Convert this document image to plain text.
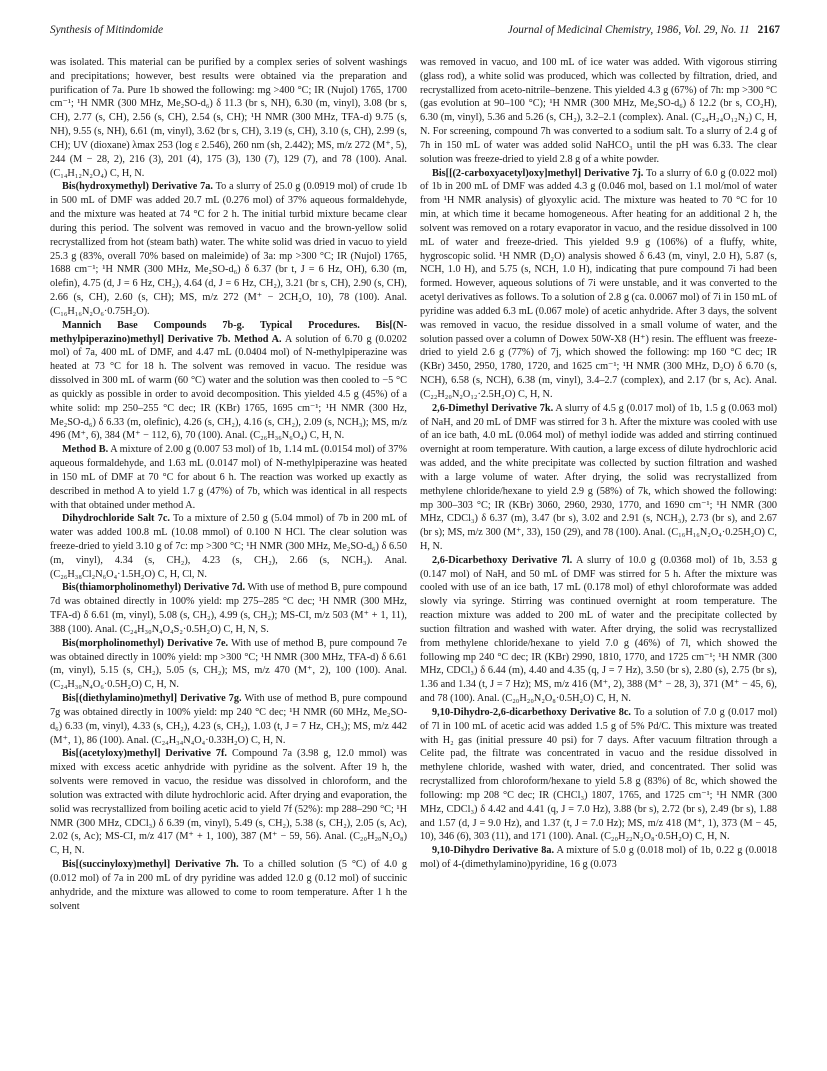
Synthesis of Mitindomide	Journal of Medicinal Chemistry, 1986, Vol. 29, No. 11 2167

was isolated. This material can be purified by a complex series of solvent washings and precipitations; however, best results were obtained via the preparation and purification of 7a. Pure 1b showed the following: mg >400 °C; IR (Nujol) 1765, 1700 cm⁻¹; ¹H NMR (300 MHz, Me₂SO-d₆) δ 11.3 (br s, NH), 6.30 (m, vinyl), 3.08 (br s, CH), 2.77 (s, CH), 2.56 (s, CH), 2.54 (s, CH); ¹H NMR (300 MHz, TFA-d) 9.75 (s, NH), 9.55 (s, NH), 6.61 (m, vinyl), 3.62 (br s, CH), 3.19 (s, CH), 3.10 (s, CH), 2.99 (s, CH); UV (dioxane) λmax 253 (log ε 2.546), 260 nm (sh, 2.442); MS, m/z 272 (M⁺, 5), 244 (M − 28, 2), 216 (3), 201 (4), 175 (3), 130 (7), 129 (7), and 78 (100). Anal. (C₁₄H₁₂N₂O₄) C, H, N.

Bis(hydroxymethyl) Derivative 7a. To a slurry of 25.0 g (0.0919 mol) of crude 1b in 500 mL of DMF was added 20.7 mL (0.276 mol) of 37% aqueous formaldehyde, and the mixture was heated at 74 °C for 2 h. The initial turbid mixture became clear during this period. The solvent was removed in vacuo and the brown-yellow solid recrystallized from hot (steam bath) water. The white solid was dried in vacuo to yield 25.3 g (83%, overall 70% based on maleimide) of 3a: mp >300 °C; IR (Nujol) 1765, 1688 cm⁻¹; ¹H NMR (300 MHz, Me₂SO-d₆) δ 6.37 (br t, J = 6 Hz, OH), 6.30 (m, olefin), 4.75 (d, J = 6 Hz, CH₂), 4.64 (d, J = 6 Hz, CH₂), 3.21 (br s, CH), 2.90 (s, CH), 2.66 (s, CH), 2.60 (s, CH); MS, m/z 272 (M⁺ − 2CH₂O, 10), 78 (100). Anal. (C₁₆H₁₆N₂O₆·0.75H₂O).

Mannich Base Compounds 7b-g. Typical Procedures. Bis[(N-methylpiperazino)methyl] Derivative 7b. Method A. A solution of 6.70 g (0.0202 mol) of 7a, 400 mL of DMF, and 4.47 mL (0.0404 mol) of N-methylpiperazine was heated at 73 °C for 18 h. The solvent was removed in vacuo. The residue was dissolved in 300 mL of warm (60 °C) water and the solution was then cooled to −5 °C as quickly as possible in order to avoid decomposition. This yielded 4.5 g (45%) of a white solid: mp 250–255 °C dec; IR (KBr) 1765, 1695 cm⁻¹; ¹H NMR (300 Hz, Me₂SO-d₆) δ 6.33 (m, olefinic), 4.26 (s, CH₂), 4.16 (s, CH₂), 2.09 (s, NCH₃); MS, m/z 496 (M⁺, 6), 384 (M⁺ − 112, 6), 70 (100). Anal. (C₂₆H₃₆N₆O₄) C, H, N.

Method B. A mixture of 2.00 g (0.007 53 mol) of 1b, 1.14 mL (0.0154 mol) of 37% aqueous formaldehyde, and 1.63 mL (0.0147 mol) of N-methylpiperazine was heated in 150 mL of DMF at 70 °C for about 6 h. The reaction was worked up exactly as described in method A to yield 1.7 g (47%) of 7b, which was identical in all respects with that obtained under method A.

Dihydrochloride Salt 7c. To a mixture of 2.50 g (5.04 mmol) of 7b in 200 mL of water was added 100.8 mL (10.08 mmol) of 0.100 N HCl. The clear solution was freeze-dried to yield 3.10 g of 7c: mp >300 °C; ¹H NMR (300 MHz, Me₂SO-d₆) δ 6.50 (m, vinyl), 4.34 (s, CH₂), 4.23 (s, CH₂), 2.66 (s, NCH₃). Anal. (C₂₆H₃₈Cl₂N₆O₄·1.5H₂O) C, H, Cl, N.

Bis(thiamorpholinomethyl) Derivative 7d. With use of method B, pure compound 7d was obtained directly in 100% yield: mp 275–285 °C dec; ¹H NMR (300 MHz, TFA-d) δ 6.61 (m, vinyl), 5.08 (s, CH₂), 4.99 (s, CH₂); MS-CI, m/z 503 (M⁺ + 1, 11), 388 (100). Anal. (C₂₄H₃₀N₄O₄S₂·0.5H₂O) C, H, N, S.

Bis(morpholinomethyl) Derivative 7e. With use of method B, pure compound 7e was obtained directly in 100% yield: mp >300 °C; ¹H NMR (300 MHz, TFA-d) δ 6.61 (m, vinyl), 5.15 (s, CH₂), 5.05 (s, CH₂); MS, m/z 470 (M⁺, 2), 100 (100). Anal. (C₂₄H₃₀N₄O₆·0.5H₂O) C, H, N.

Bis[(diethylamino)methyl] Derivative 7g. With use of method B, pure compound 7g was obtained directly in 100% yield: mp 240 °C dec; ¹H NMR (60 MHz, Me₂SO-d₆) 6.33 (m, vinyl), 4.33 (s, CH₂), 4.23 (s, CH₂), 1.03 (t, J = 7 Hz, CH₃); MS, m/z 442 (M⁺, 1), 86 (100). Anal. (C₂₄H₃₄N₄O₄·0.33H₂O) C, H, N.

Bis[(acetyloxy)methyl] Derivative 7f. Compound 7a (3.98 g, 12.0 mmol) was mixed with excess acetic anhydride with pyridine as the solvent. After 19 h, the solvents were removed in vacuo, the residue was dissolved in chloroform, and the solution was extracted with dilute hydrochloric acid. After drying and evaporation, the solid was recrystallized from boiling acetic acid to yield 7f (52%): mp 288–290 °C; ¹H NMR (300 MHz, CDCl₃) δ 6.39 (m, vinyl), 5.49 (s, CH₂), 5.38 (s, CH₂), 2.05 (s, Ac), 2.02 (s, Ac); MS-CI, m/z 417 (M⁺ + 1, 100), 387 (M⁺ − 59, 56). Anal. (C₂₀H₂₀N₂O₈) C, H, N.

Bis[(succinyloxy)methyl] Derivative 7h. To a chilled solution (5 °C) of 4.0 g (0.012 mol) of 7a in 200 mL of dry pyridine was added 12.0 g (0.12 mol) of succinic anhydride, and the mixture was allowed to come to room temperature. After 1 h the solvent

was removed in vacuo, and 100 mL of ice water was added. With vigorous stirring (glass rod), a white solid was produced, which was collected by filtration, dried, and recrystallized from aceto-nitrile–benzene. This yielded 4.3 g (67%) of 7h: mp >300 °C (gas evolution at 90–100 °C); ¹H NMR (300 MHz, Me₂SO-d₆) δ 12.2 (br s, CO₂H), 6.30 (m, vinyl), 5.36 and 5.26 (s, CH₂), 3.2–2.1 (complex). Anal. (C₂₄H₂₄O₁₂N₂) C, H, N. For screening, compound 7h was converted to a sodium salt. To a slurry of 2.4 g of 7h in 150 mL of water was added solid NaHCO₃ until the pH was 6.33. The clear solution was freeze-dried to yield 2.8 g of a white powder.

Bis[[(2-carboxyacetyl)oxy]methyl] Derivative 7j. To a slurry of 6.0 g (0.022 mol) of 1b in 200 mL of DMF was added 4.3 g (0.046 mol, based on 1.1 mol/mol of water from ¹H NMR analysis) of glyoxylic acid. The mixture was heated to 70 °C for 10 min, at which time it became homogeneous. After heating for an additional 2 h, the solvent was removed on a rotary evaporator in vacuo, and the residue dissolved in 100 mL of water and freeze-dried. This yielded 9.9 g (106%) of a fluffy, white, hygroscopic solid. ¹H NMR (D₂O) analysis showed δ 6.43 (m, vinyl, 2.0 H), 5.87 (s, NCH, 1.0 H), and 5.75 (s, NCH, 1.0 H), indicating that pure compound 7i had been formed. However, aqueous solutions of 7i were unstable, and it was converted to the acetyl derivatives as follows. To a solution of 2.8 g (ca. 0.0067 mol) of 7i in 150 mL of pyridine was added 6.3 mL (0.067 mole) of acetic anhydride. After 3 days, the solvent was removed in vacuo, the residue dissolved in a small volume of water, and the solution passed over a column of Dowex 50W-X8 (H⁺) resin. The effluent was freeze-dried to yield 2.6 g (77%) of 7j, which showed the following: mp 160 °C dec; IR (KBr) 3450, 2950, 1780, 1720, and 1625 cm⁻¹; ¹H NMR (300 MHz, D₂O) δ 6.70 (s, NCH), 6.58 (s, NCH), 6.38 (m, vinyl), 3.4–2.7 (complex), and 2.17 (br s, Ac). Anal. (C₂₂H₂₀N₂O₁₂·2.5H₂O) C, H, N.

2,6-Dimethyl Derivative 7k. A slurry of 4.5 g (0.017 mol) of 1b, 1.5 g (0.063 mol) of NaH, and 20 mL of DMF was stirred for 3 h. After the mixture was cooled with use of an ice bath, 4.0 mL (0.064 mol) of methyl iodide was added and stirring continued overnight at room temperature. With caution, a large excess of dilute hydrochloric acid was added, and the white precipitate was collected by suction filtration and washed with a large volume of water. After drying, the solid was recrystallized from methylene chloride/hexane to yield 2.9 g (58%) of 7k, which showed the following: mp 300–303 °C; IR (KBr) 3060, 2960, 2930, 1770, and 1690 cm⁻¹; ¹H NMR (300 MHz, CDCl₃) δ 6.37 (m), 3.47 (br s), 3.02 and 2.91 (s, NCH₃), 2.73 (br s), and 2.67 (br s); MS, m/z 300 (M⁺, 33), 150 (29), and 78 (100). Anal. (C₁₆H₁₆N₂O₄·0.25H₂O) C, H, N.

2,6-Dicarbethoxy Derivative 7l. A slurry of 10.0 g (0.0368 mol) of 1b, 3.53 g (0.147 mol) of NaH, and 50 mL of DMF was stirred for 5 h. After the mixture was cooled with use of an ice bath, 17 mL (0.178 mol) of ethyl chloroformate was added slowly via syringe. Stirring was continued overnight at room temperature. The reaction mixture was added to 200 mL of water and the precipitate collected by suction filtration and washed with water. After drying, the solid was recrystallized from methylene chloride/hexane to yield 7.0 g (46%) of 7l, which showed the following mp 240 °C dec; IR (KBr) 2990, 1810, 1770, and 1725 cm⁻¹; ¹H NMR (300 MHz, CDCl₃) δ 6.44 (m), 4.40 and 4.35 (q, J = 7 Hz), 3.50 (br s), 2.80 (s), 2.75 (br s), 1.36 and 1.34 (t, J = 7 Hz); MS, m/z 416 (M⁺, 2), 388 (M⁺ − 28, 3), 371 (M⁺ − 45, 6), and 78 (100). Anal. (C₂₀H₂₀N₂O₈·0.5H₂O) C, H, N.

9,10-Dihydro-2,6-dicarbethoxy Derivative 8c. To a solution of 7.0 g (0.017 mol) of 7l in 100 mL of acetic acid was added 1.5 g of 5% Pd/C. This mixture was treated with H₂ gas (initial pressure 40 psi) for 7 days. After vacuum filtration through a Celite pad, the filtrate was concentrated in vacuo and the residue dissolved in methylene chloride, washed with water, dried, and concentrated. Ther solid was recrystallized from chloroform/hexane to yield 5.8 g (83%) of 8c, which showed the following: mp 208 °C dec; IR (CHCl₃) 1807, 1765, and 1725 cm⁻¹; ¹H NMR (300 MHz, CDCl₃) δ 4.42 and 4.41 (q, J = 7.0 Hz), 3.88 (br s), 2.72 (br s), 2.49 (br s), 1.88 and 1.57 (d, J = 9.0 Hz), and 1.37 (t, J = 7.0 Hz); MS, m/z 418 (M⁺, 1), 373 (M − 45, 10), 346 (6), 303 (11), and 171 (100). Anal. (C₂₀H₂₂N₂O₈·0.5H₂O) C, H, N.

9,10-Dihydro Derivative 8a. A mixture of 5.0 g (0.018 mol) of 1b, 0.22 g (0.0018 mol) of 4-(dimethylamino)pyridine, 16 g (0.073
